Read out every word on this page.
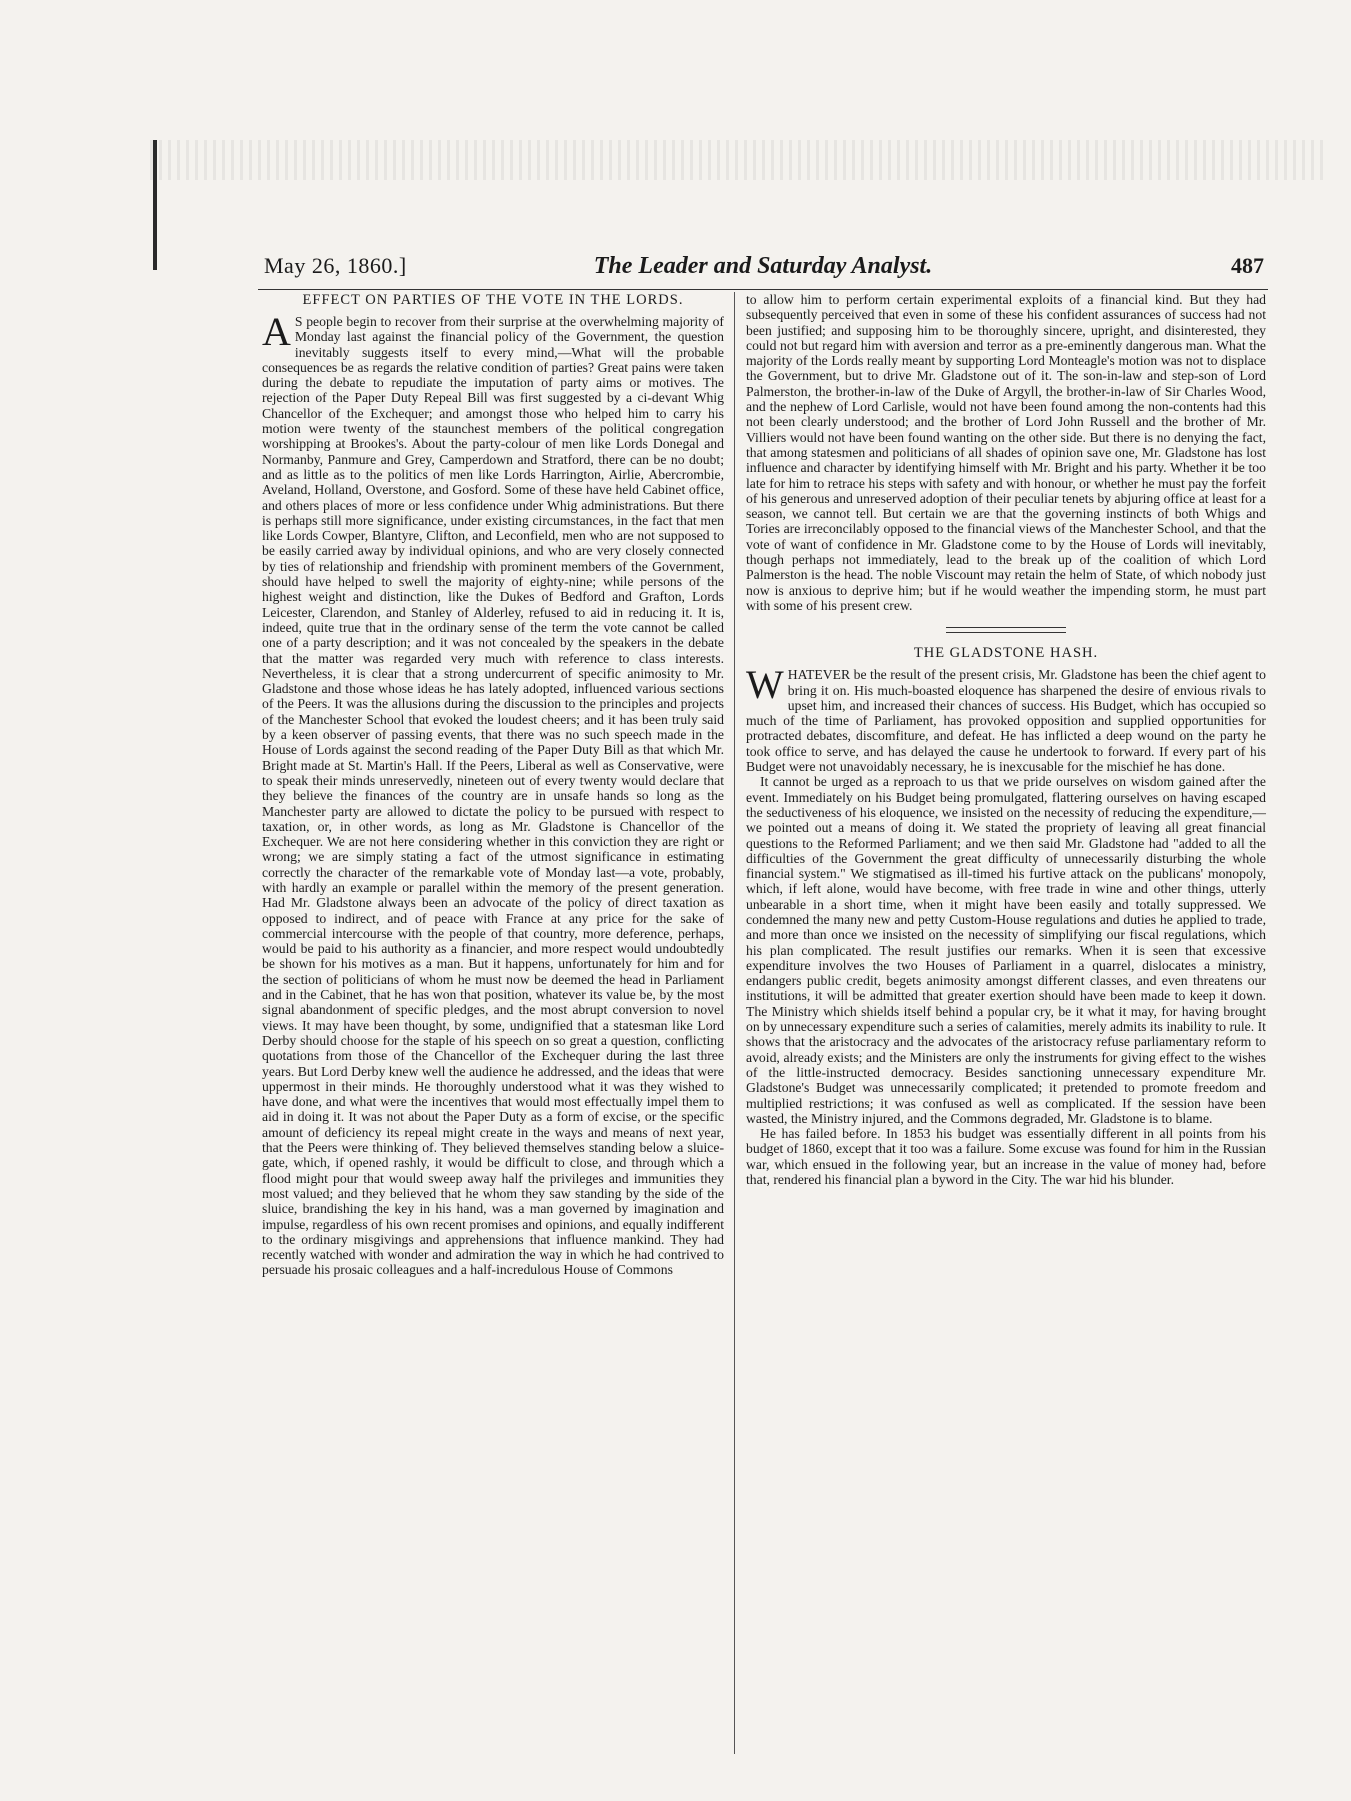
May 26, 1860.]	The Leader and Saturday Analyst.	487
EFFECT ON PARTIES OF THE VOTE IN THE LORDS.

A S people begin to recover from their surprise at the overwhelming majority of Monday last against the financial policy of the Government, the question inevitably suggests itself to every mind,—What will the probable consequences be as regards the relative condition of parties? Great pains were taken during the debate to repudiate the imputation of party aims or motives. The rejection of the Paper Duty Repeal Bill was first suggested by a ci-devant Whig Chancellor of the Exchequer; and amongst those who helped him to carry his motion were twenty of the staunchest members of the political congregation worshipping at Brookes's. About the party-colour of men like Lords Donegal and Normanby, Panmure and Grey, Camperdown and Stratford, there can be no doubt; and as little as to the politics of men like Lords Harrington, Airlie, Abercrombie, Aveland, Holland, Overstone, and Gosford. Some of these have held Cabinet office, and others places of more or less confidence under Whig administrations. But there is perhaps still more significance, under existing circumstances, in the fact that men like Lords Cowper, Blantyre, Clifton, and Leconfield, men who are not supposed to be easily carried away by individual opinions, and who are very closely connected by ties of relationship and friendship with prominent members of the Government, should have helped to swell the majority of eighty-nine; while persons of the highest weight and distinction, like the Dukes of Bedford and Grafton, Lords Leicester, Clarendon, and Stanley of Alderley, refused to aid in reducing it. It is, indeed, quite true that in the ordinary sense of the term the vote cannot be called one of a party description; and it was not concealed by the speakers in the debate that the matter was regarded very much with reference to class interests. Nevertheless, it is clear that a strong undercurrent of specific animosity to Mr. Gladstone and those whose ideas he has lately adopted, influenced various sections of the Peers. It was the allusions during the discussion to the principles and projects of the Manchester School that evoked the loudest cheers; and it has been truly said by a keen observer of passing events, that there was no such speech made in the House of Lords against the second reading of the Paper Duty Bill as that which Mr. Bright made at St. Martin's Hall. If the Peers, Liberal as well as Conservative, were to speak their minds unreservedly, nineteen out of every twenty would declare that they believe the finances of the country are in unsafe hands so long as the Manchester party are allowed to dictate the policy to be pursued with respect to taxation, or, in other words, as long as Mr. Gladstone is Chancellor of the Exchequer. We are not here considering whether in this conviction they are right or wrong; we are simply stating a fact of the utmost significance in estimating correctly the character of the remarkable vote of Monday last—a vote, probably, with hardly an example or parallel within the memory of the present generation. Had Mr. Gladstone always been an advocate of the policy of direct taxation as opposed to indirect, and of peace with France at any price for the sake of commercial intercourse with the people of that country, more deference, perhaps, would be paid to his authority as a financier, and more respect would undoubtedly be shown for his motives as a man. But it happens, unfortunately for him and for the section of politicians of whom he must now be deemed the head in Parliament and in the Cabinet, that he has won that position, whatever its value be, by the most signal abandonment of specific pledges, and the most abrupt conversion to novel views. It may have been thought, by some, undignified that a statesman like Lord Derby should choose for the staple of his speech on so great a question, conflicting quotations from those of the Chancellor of the Exchequer during the last three years. But Lord Derby knew well the audience he addressed, and the ideas that were uppermost in their minds. He thoroughly understood what it was they wished to have done, and what were the incentives that would most effectually impel them to aid in doing it. It was not about the Paper Duty as a form of excise, or the specific amount of deficiency its repeal might create in the ways and means of next year, that the Peers were thinking of. They believed themselves standing below a sluice-gate, which, if opened rashly, it would be difficult to close, and through which a flood might pour that would sweep away half the privileges and immunities they most valued; and they believed that he whom they saw standing by the side of the sluice, brandishing the key in his hand, was a man governed by imagination and impulse, regardless of his own recent promises and opinions, and equally indifferent to the ordinary misgivings and apprehensions that influence mankind. They had recently watched with wonder and admiration the way in which he had contrived to persuade his prosaic colleagues and a half-incredulous House of Commons

to allow him to perform certain experimental exploits of a financial kind. But they had subsequently perceived that even in some of these his confident assurances of success had not been justified; and supposing him to be thoroughly sincere, upright, and disinterested, they could not but regard him with aversion and terror as a pre-eminently dangerous man. What the majority of the Lords really meant by supporting Lord Monteagle's motion was not to displace the Government, but to drive Mr. Gladstone out of it. The son-in-law and step-son of Lord Palmerston, the brother-in-law of the Duke of Argyll, the brother-in-law of Sir Charles Wood, and the nephew of Lord Carlisle, would not have been found among the non-contents had this not been clearly understood; and the brother of Lord John Russell and the brother of Mr. Villiers would not have been found wanting on the other side. But there is no denying the fact, that among statesmen and politicians of all shades of opinion save one, Mr. Gladstone has lost influence and character by identifying himself with Mr. Bright and his party. Whether it be too late for him to retrace his steps with safety and with honour, or whether he must pay the forfeit of his generous and unreserved adoption of their peculiar tenets by abjuring office at least for a season, we cannot tell. But certain we are that the governing instincts of both Whigs and Tories are irreconcilably opposed to the financial views of the Manchester School, and that the vote of want of confidence in Mr. Gladstone come to by the House of Lords will inevitably, though perhaps not immediately, lead to the break up of the coalition of which Lord Palmerston is the head. The noble Viscount may retain the helm of State, of which nobody just now is anxious to deprive him; but if he would weather the impending storm, he must part with some of his present crew.

THE GLADSTONE HASH.

WHATEVER be the result of the present crisis, Mr. Gladstone has been the chief agent to bring it on. His much-boasted eloquence has sharpened the desire of envious rivals to upset him, and increased their chances of success. His Budget, which has occupied so much of the time of Parliament, has provoked opposition and supplied opportunities for protracted debates, discomfiture, and defeat. He has inflicted a deep wound on the party he took office to serve, and has delayed the cause he undertook to forward. If every part of his Budget were not unavoidably necessary, he is inexcusable for the mischief he has done.

It cannot be urged as a reproach to us that we pride ourselves on wisdom gained after the event. Immediately on his Budget being promulgated, flattering ourselves on having escaped the seductiveness of his eloquence, we insisted on the necessity of reducing the expenditure,—we pointed out a means of doing it. We stated the propriety of leaving all great financial questions to the Reformed Parliament; and we then said Mr. Gladstone had "added to all the difficulties of the Government the great difficulty of unnecessarily disturbing the whole financial system." We stigmatised as ill-timed his furtive attack on the publicans' monopoly, which, if left alone, would have become, with free trade in wine and other things, utterly unbearable in a short time, when it might have been easily and totally suppressed. We condemned the many new and petty Custom-House regulations and duties he applied to trade, and more than once we insisted on the necessity of simplifying our fiscal regulations, which his plan complicated. The result justifies our remarks. When it is seen that excessive expenditure involves the two Houses of Parliament in a quarrel, dislocates a ministry, endangers public credit, begets animosity amongst different classes, and even threatens our institutions, it will be admitted that greater exertion should have been made to keep it down. The Ministry which shields itself behind a popular cry, be it what it may, for having brought on by unnecessary expenditure such a series of calamities, merely admits its inability to rule. It shows that the aristocracy and the advocates of the aristocracy refuse parliamentary reform to avoid, already exists; and the Ministers are only the instruments for giving effect to the wishes of the little-instructed democracy. Besides sanctioning unnecessary expenditure Mr. Gladstone's Budget was unnecessarily complicated; it pretended to promote freedom and multiplied restrictions; it was confused as well as complicated. If the session have been wasted, the Ministry injured, and the Commons degraded, Mr. Gladstone is to blame.

He has failed before. In 1853 his budget was essentially different in all points from his budget of 1860, except that it too was a failure. Some excuse was found for him in the Russian war, which ensued in the following year, but an increase in the value of money had, before that, rendered his financial plan a byword in the City. The war hid his blunder.
